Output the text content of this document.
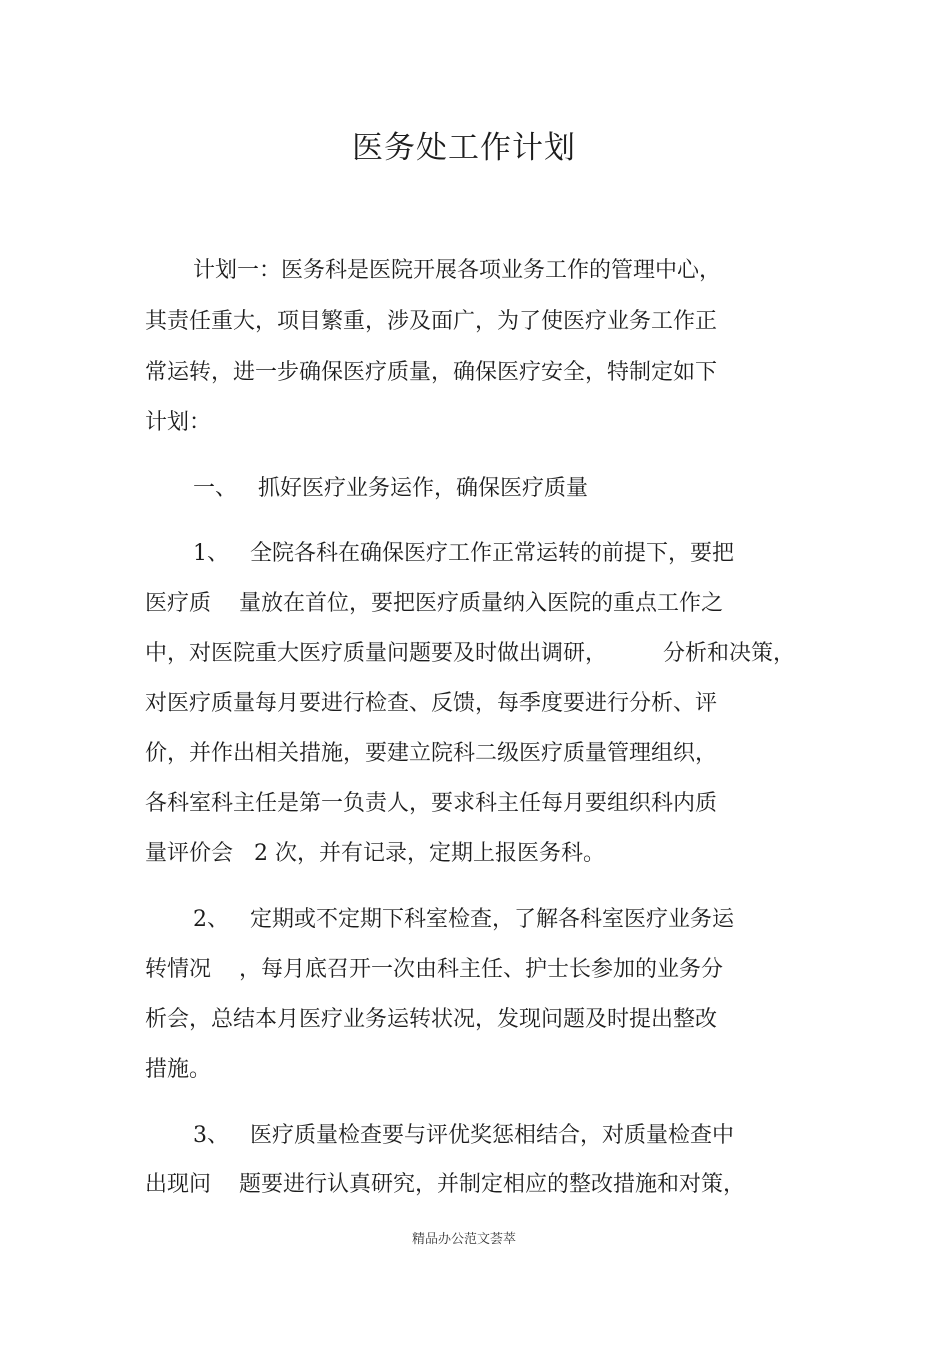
医务处工作计划
计划一：医务科是医院开展各项业务工作的管理中心，
其责任重大，项目繁重，涉及面广，为了使医疗业务工作正
常运转，进一步确保医疗质量，确保医疗安全，特制定如下
计划：
一、   抓好医疗业务运作，确保医疗质量
1、   全院各科在确保医疗工作正常运转的前提下，要把
医疗质    量放在首位，要把医疗质量纳入医院的重点工作之
中，对医院重大医疗质量问题要及时做出调研，        分析和决策，
对医疗质量每月要进行检查、反馈，每季度要进行分析、评
价，并作出相关措施，要建立院科二级医疗质量管理组织，
各科室科主任是第一负责人，要求科主任每月要组织科内质
量评价会   2 次，并有记录，定期上报医务科。
2、   定期或不定期下科室检查，了解各科室医疗业务运
转情况    ，每月底召开一次由科主任、护士长参加的业务分
析会，总结本月医疗业务运转状况，发现问题及时提出整改
措施。
3、   医疗质量检查要与评优奖惩相结合，对质量检查中
出现问    题要进行认真研究，并制定相应的整改措施和对策，
精品办公范文荟萃
